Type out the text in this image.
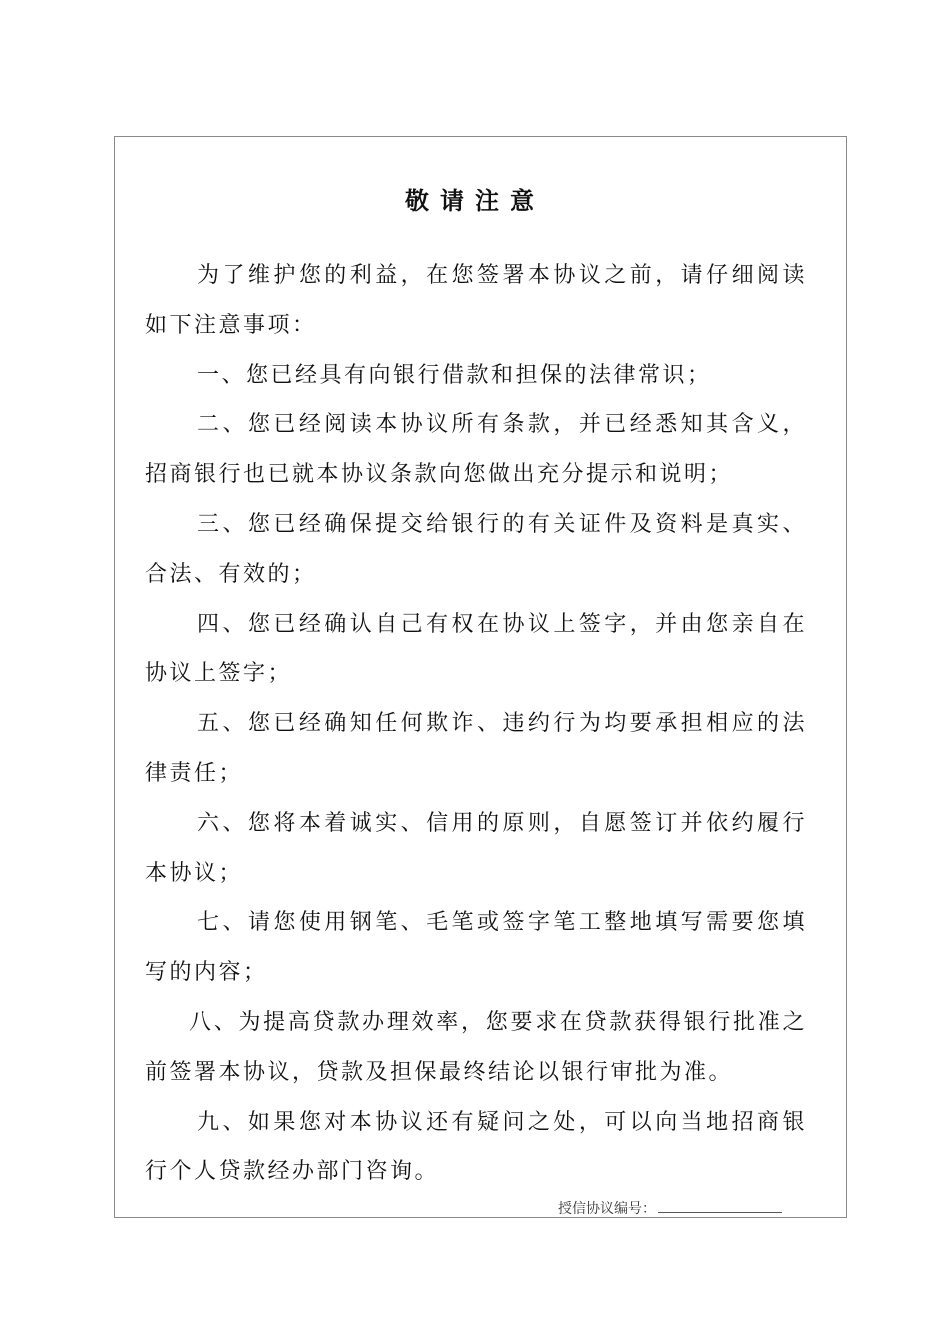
敬请注意

为了维护您的利益，在您签署本协议之前，请仔细阅读如下注意事项：

一、您已经具有向银行借款和担保的法律常识；

二、您已经阅读本协议所有条款，并已经悉知其含义，招商银行也已就本协议条款向您做出充分提示和说明；

三、您已经确保提交给银行的有关证件及资料是真实、合法、有效的；

四、您已经确认自己有权在协议上签字，并由您亲自在协议上签字；

五、您已经确知任何欺诈、违约行为均要承担相应的法律责任；

六、您将本着诚实、信用的原则，自愿签订并依约履行本协议；

七、请您使用钢笔、毛笔或签字笔工整地填写需要您填写的内容；

八、为提高贷款办理效率，您要求在贷款获得银行批准之前签署本协议，贷款及担保最终结论以银行审批为准。

九、如果您对本协议还有疑问之处，可以向当地招商银行个人贷款经办部门咨询。

授信协议编号：
